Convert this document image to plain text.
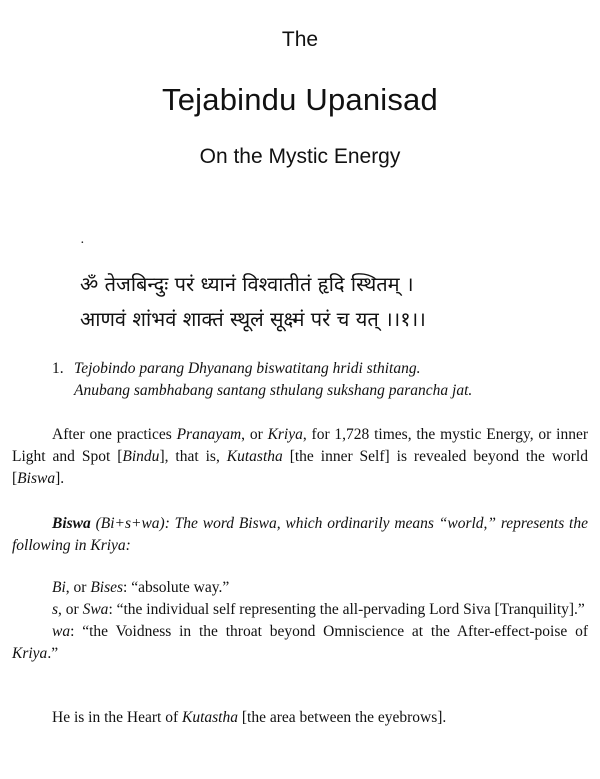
The
Tejabindu Upanisad
On the Mystic Energy
·
ॐ तेजबिन्दुः परं ध्यानं विश्वातीतं हृदि स्थितम् ।
आणवं शांभवं शाक्तं स्थूलं सूक्ष्मं परं च यत् ।।१।।
1. Tejobindo parang Dhyanang biswatitang hridi sthitang.
Anubang sambhabang santang sthulang sukshang parancha jat.
After one practices Pranayam, or Kriya, for 1,728 times, the mystic Energy, or inner Light and Spot [Bindu], that is, Kutastha [the inner Self] is revealed beyond the world [Biswa].
Biswa (Bi+s+wa): The word Biswa, which ordinarily means “world,” represents the following in Kriya:
Bi, or Bises: “absolute way.”
s, or Swa: “the individual self representing the all-pervading Lord Siva [Tranquility].”
wa: “the Voidness in the throat beyond Omniscience at the After-effect-poise of Kriya.”
He is in the Heart of Kutastha [the area between the eyebrows].
